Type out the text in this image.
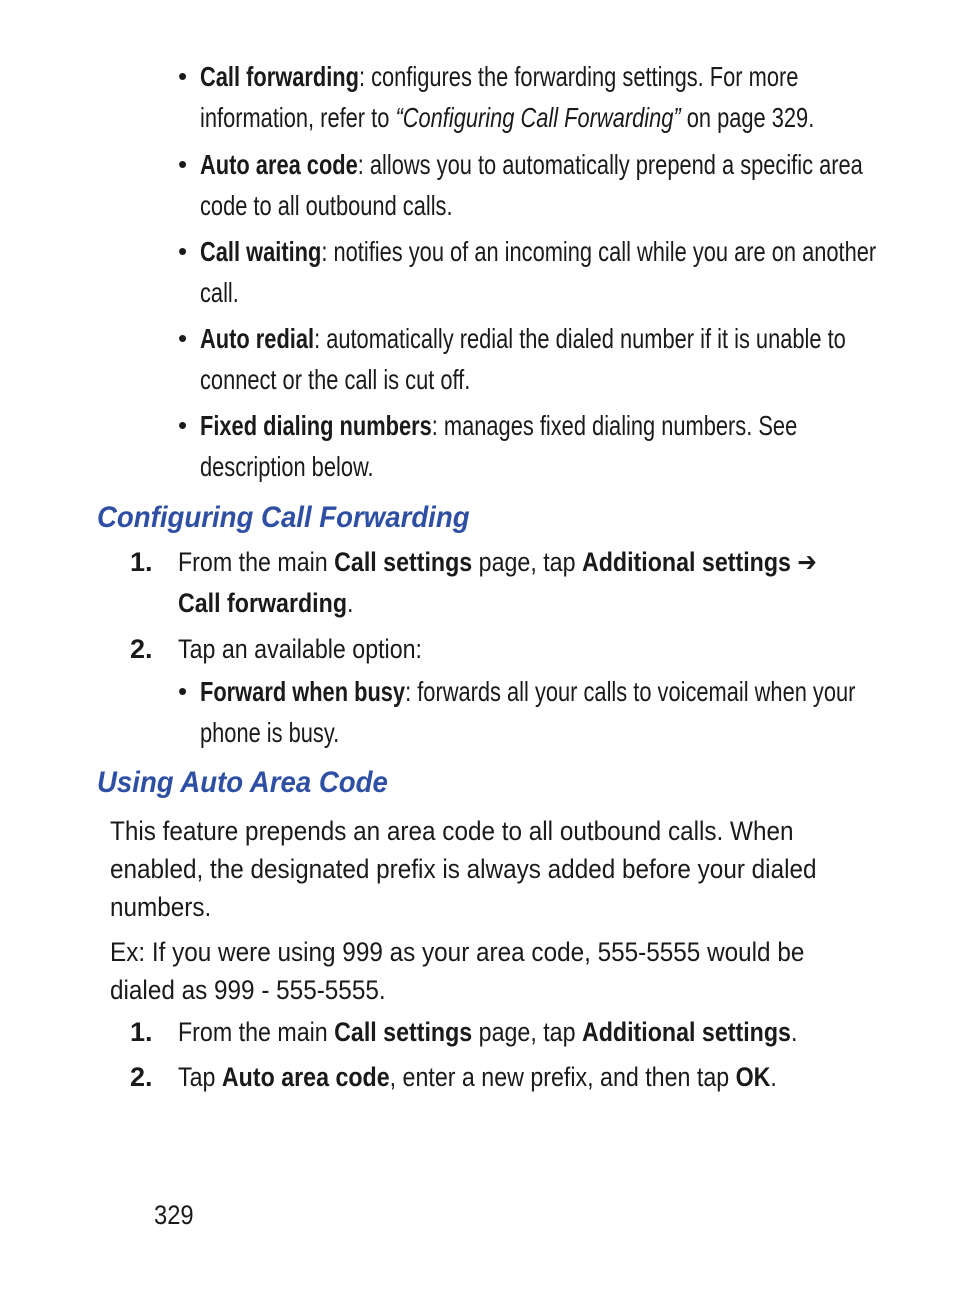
• Call forwarding: configures the forwarding settings. For more
information, refer to “Configuring Call Forwarding” on page 329.
• Auto area code: allows you to automatically prepend a specific area
code to all outbound calls.
• Call waiting: notifies you of an incoming call while you are on another
call.
• Auto redial: automatically redial the dialed number if it is unable to
connect or the call is cut off.
• Fixed dialing numbers: manages fixed dialing numbers. See
description below.
Configuring Call Forwarding
1. From the main Call settings page, tap Additional settings ➔
Call forwarding.
2. Tap an available option:
• Forward when busy: forwards all your calls to voicemail when your
phone is busy.
Using Auto Area Code
This feature prepends an area code to all outbound calls. When
enabled, the designated prefix is always added before your dialed
numbers.
Ex: If you were using 999 as your area code, 555-5555 would be
dialed as 999 - 555-5555.
1. From the main Call settings page, tap Additional settings.
2. Tap Auto area code, enter a new prefix, and then tap OK.
329
